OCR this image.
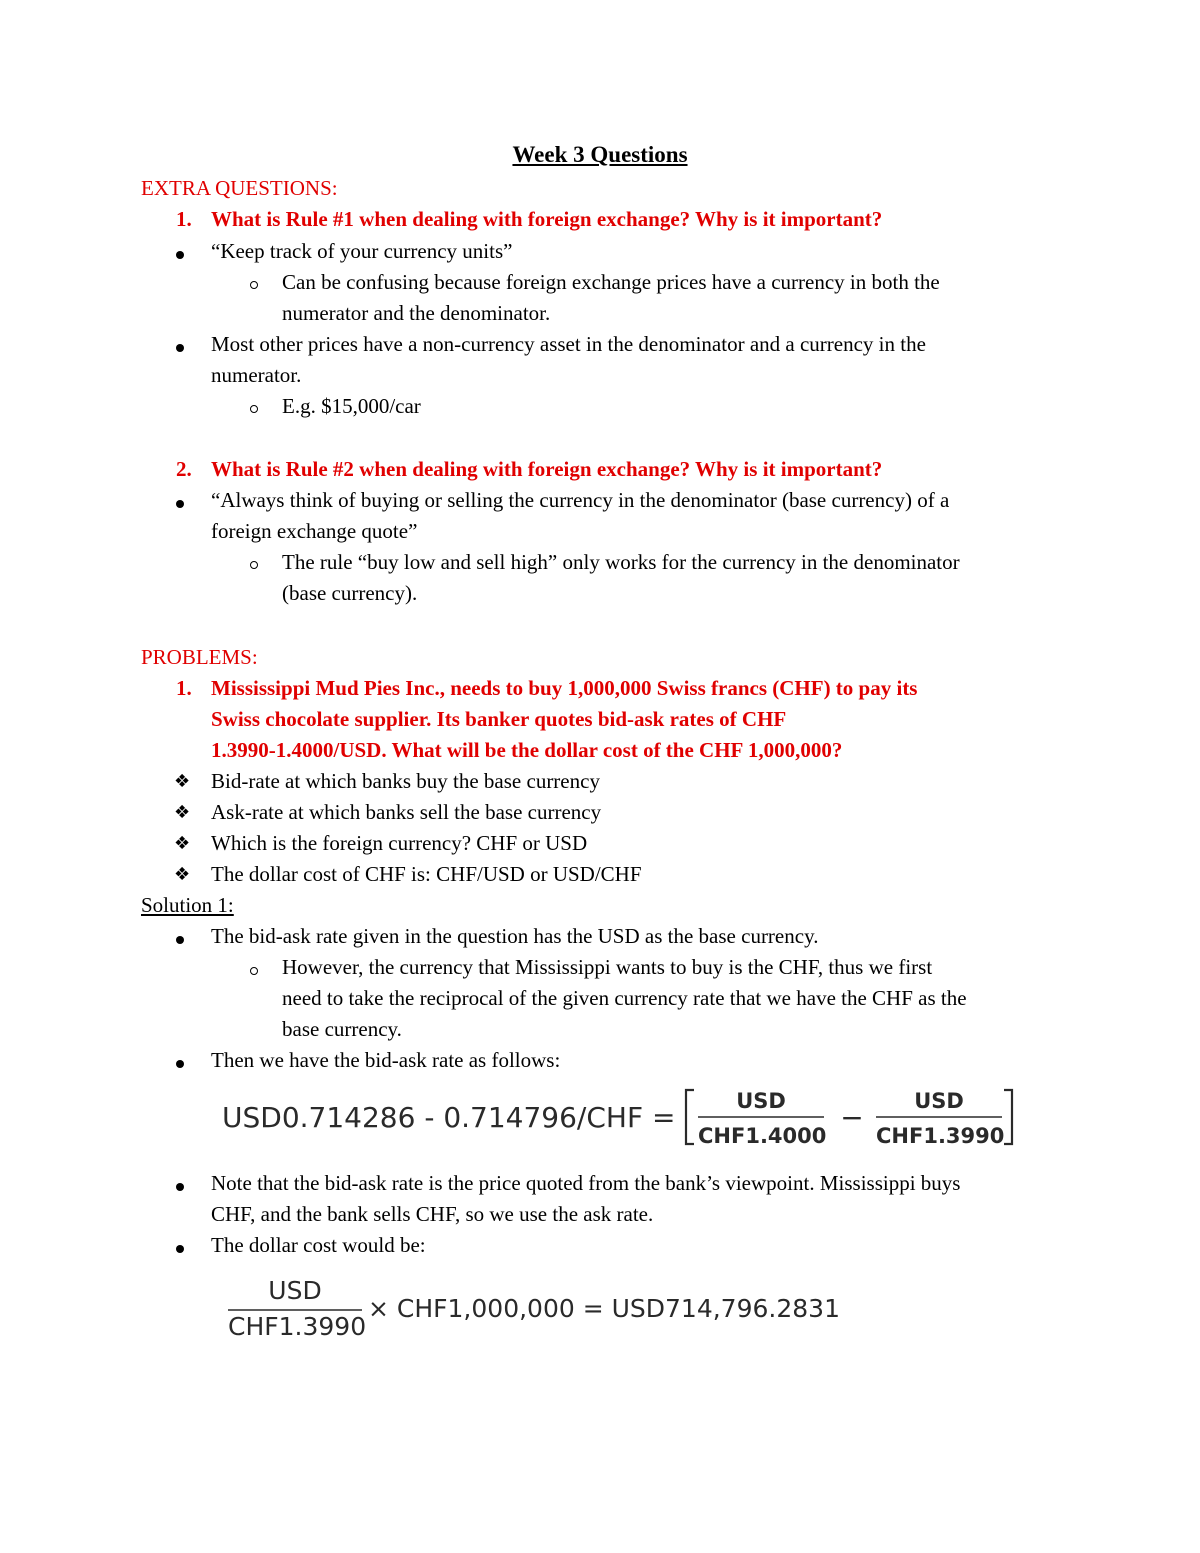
Week 3 Questions
EXTRA QUESTIONS:
1. What is Rule #1 when dealing with foreign exchange? Why is it important?
“Keep track of your currency units”
Can be confusing because foreign exchange prices have a currency in both the
numerator and the denominator.
Most other prices have a non-currency asset in the denominator and a currency in the
numerator.
E.g. $15,000/car
2. What is Rule #2 when dealing with foreign exchange? Why is it important?
“Always think of buying or selling the currency in the denominator (base currency) of a
foreign exchange quote”
The rule “buy low and sell high” only works for the currency in the denominator
(base currency).
PROBLEMS:
1. Mississippi Mud Pies Inc., needs to buy 1,000,000 Swiss francs (CHF) to pay its
Swiss chocolate supplier. Its banker quotes bid-ask rates of CHF
1.3990-1.4000/USD. What will be the dollar cost of the CHF 1,000,000?
❖ Bid-rate at which banks buy the base currency
❖ Ask-rate at which banks sell the base currency
❖ Which is the foreign currency? CHF or USD
❖ The dollar cost of CHF is: CHF/USD or USD/CHF
Solution 1:
The bid-ask rate given in the question has the USD as the base currency.
However, the currency that Mississippi wants to buy is the CHF, thus we first
need to take the reciprocal of the given currency rate that we have the CHF as the
base currency.
Then we have the bid-ask rate as follows:
USD0.714286 - 0.714796/CHF =	USD
CHF1.4000
−	USD
CHF1.3990
Note that the bid-ask rate is the price quoted from the bank’s viewpoint. Mississippi buys
CHF, and the bank sells CHF, so we use the ask rate.
The dollar cost would be:
USD
CHF1.3990
× CHF1,000,000 = USD714,796.2831
